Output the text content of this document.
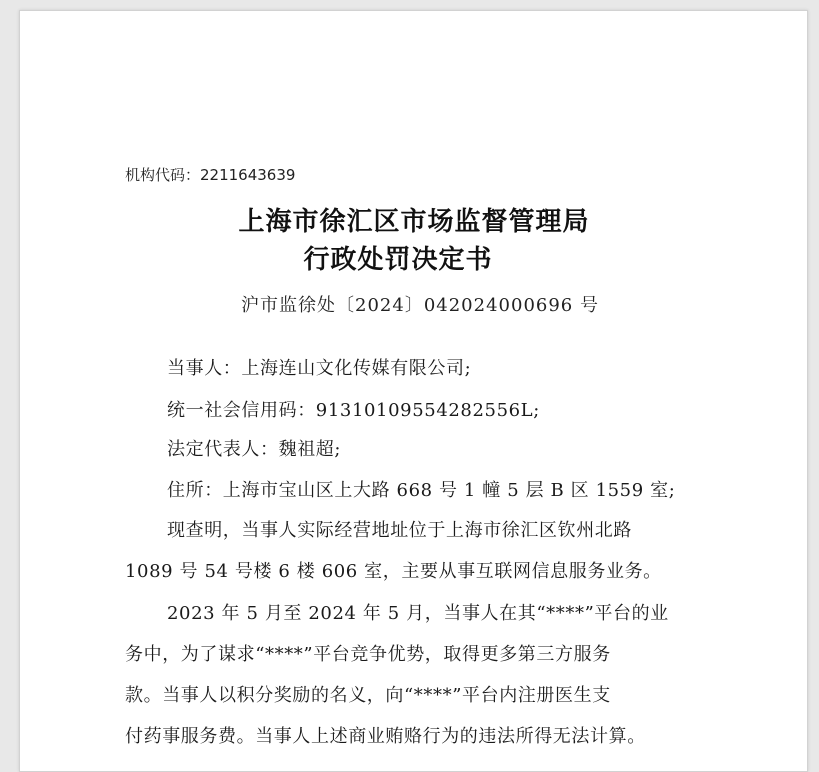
机构代码：2211643639
上海市徐汇区市场监督管理局
行政处罚决定书
沪市监徐处〔2024〕042024000696 号
当事人：上海连山文化传媒有限公司;
统一社会信用码：91310109554282556L;
法定代表人：魏祖超;
住所：上海市宝山区上大路 668 号 1 幢 5 层 B 区 1559 室;
现查明，当事人实际经营地址位于上海市徐汇区钦州北路
1089 号 54 号楼 6 楼 606 室，主要从事互联网信息服务业务。
2023 年 5 月至 2024 年 5 月，当事人在其“****”平台的业
务中，为了谋求“****”平台竞争优势，取得更多第三方服务
款。当事人以积分奖励的名义，向“****”平台内注册医生支
付药事服务费。当事人上述商业贿赂行为的违法所得无法计算。
